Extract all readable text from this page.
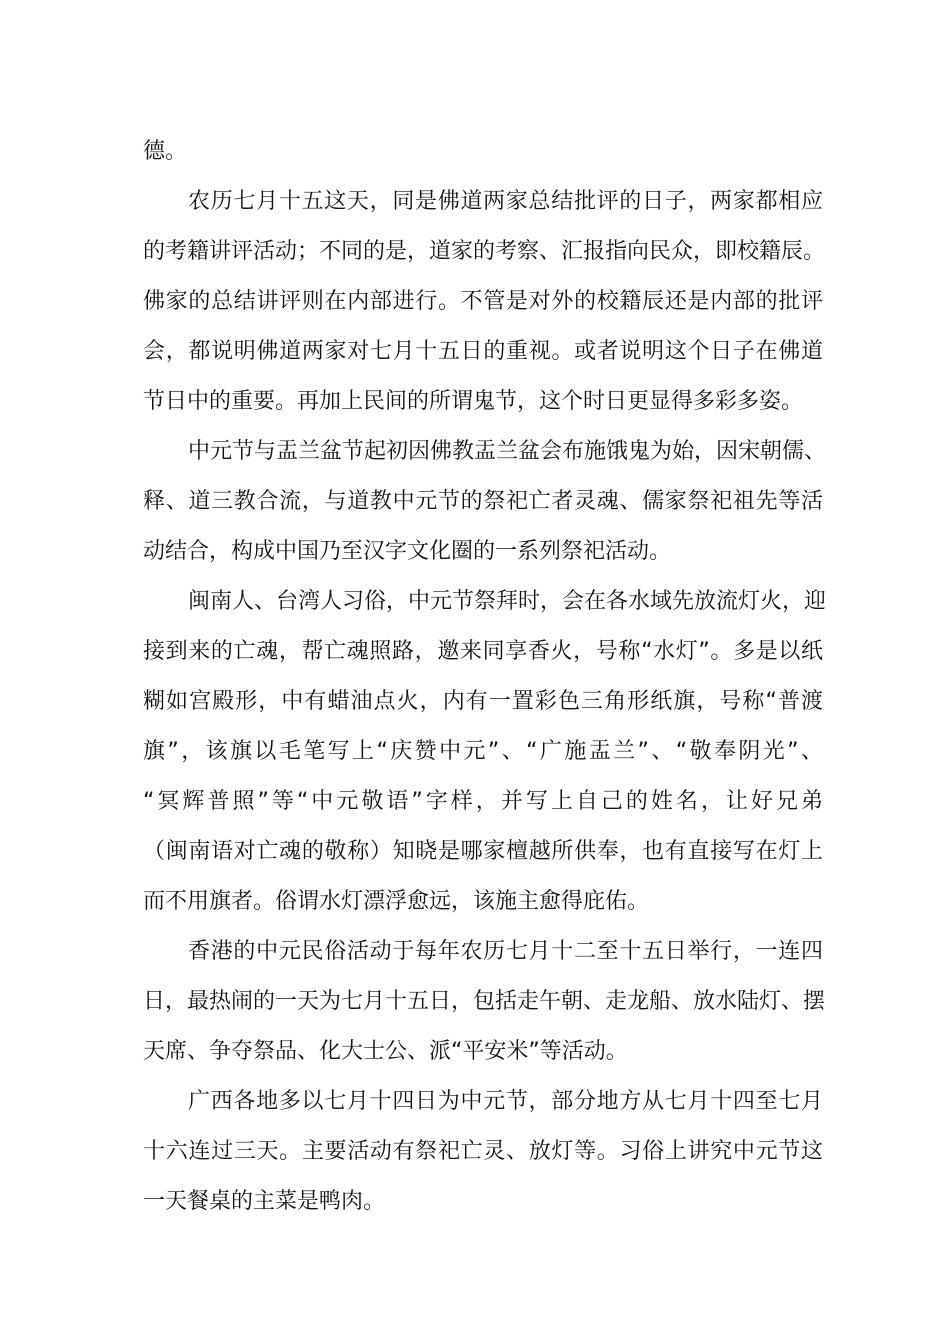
德。
农历七月十五这天，同是佛道两家总结批评的日子，两家都相应
的考籍讲评活动；不同的是，道家的考察、汇报指向民众，即校籍辰。
佛家的总结讲评则在内部进行。不管是对外的校籍辰还是内部的批评
会，都说明佛道两家对七月十五日的重视。或者说明这个日子在佛道
节日中的重要。再加上民间的所谓鬼节，这个时日更显得多彩多姿。
中元节与盂兰盆节起初因佛教盂兰盆会布施饿鬼为始，因宋朝儒、
释、道三教合流，与道教中元节的祭祀亡者灵魂、儒家祭祀祖先等活
动结合，构成中国乃至汉字文化圈的一系列祭祀活动。
闽南人、台湾人习俗，中元节祭拜时，会在各水域先放流灯火，迎
接到来的亡魂，帮亡魂照路，邀来同享香火，号称“水灯”。多是以纸
糊如宫殿形，中有蜡油点火，内有一置彩色三角形纸旗，号称“普渡
旗”，该旗以毛笔写上“庆赞中元”、“广施盂兰”、“敬奉阴光”、
“冥辉普照”等“中元敬语”字样，并写上自己的姓名，让好兄弟
（闽南语对亡魂的敬称）知晓是哪家檀越所供奉，也有直接写在灯上
而不用旗者。俗谓水灯漂浮愈远，该施主愈得庇佑。
香港的中元民俗活动于每年农历七月十二至十五日举行，一连四
日，最热闹的一天为七月十五日，包括走午朝、走龙船、放水陆灯、摆
天席、争夺祭品、化大士公、派“平安米”等活动。
广西各地多以七月十四日为中元节，部分地方从七月十四至七月
十六连过三天。主要活动有祭祀亡灵、放灯等。习俗上讲究中元节这
一天餐桌的主菜是鸭肉。
